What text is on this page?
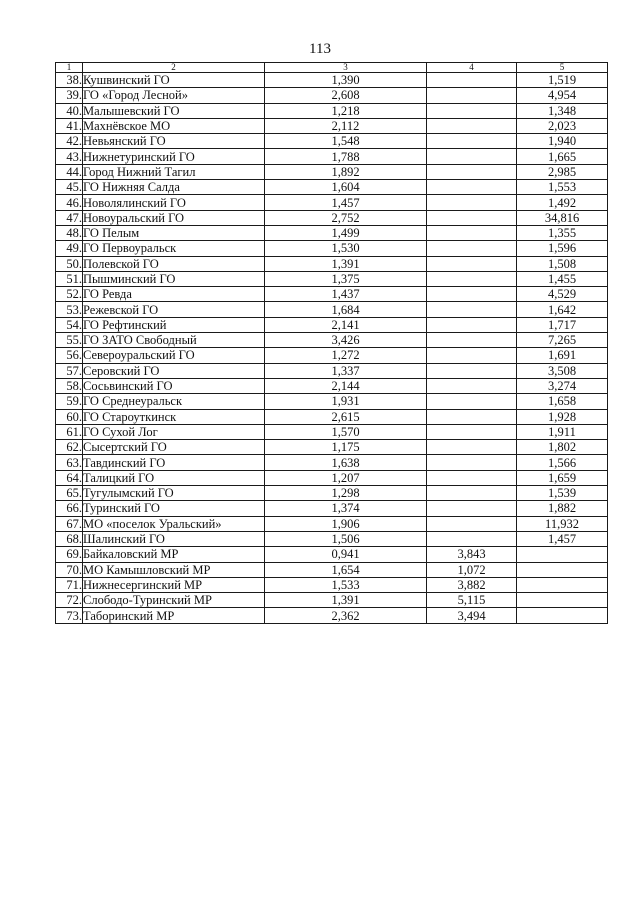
113
1	2	3	4	5
38.	Кушвинский ГО	1,390		1,519
39.	ГО «Город Лесной»	2,608		4,954
40.	Малышевский ГО	1,218		1,348
41.	Махнёвское МО	2,112		2,023
42.	Невьянский ГО	1,548		1,940
43.	Нижнетуринский ГО	1,788		1,665
44.	Город Нижний Тагил	1,892		2,985
45.	ГО Нижняя Салда	1,604		1,553
46.	Новолялинский ГО	1,457		1,492
47.	Новоуральский ГО	2,752		34,816
48.	ГО Пелым	1,499		1,355
49.	ГО Первоуральск	1,530		1,596
50.	Полевской ГО	1,391		1,508
51.	Пышминский ГО	1,375		1,455
52.	ГО Ревда	1,437		4,529
53.	Режевской ГО	1,684		1,642
54.	ГО Рефтинский	2,141		1,717
55.	ГО ЗАТО Свободный	3,426		7,265
56.	Североуральский ГО	1,272		1,691
57.	Серовский ГО	1,337		3,508
58.	Сосьвинский ГО	2,144		3,274
59.	ГО Среднеуральск	1,931		1,658
60.	ГО Староуткинск	2,615		1,928
61.	ГО Сухой Лог	1,570		1,911
62.	Сысертский ГО	1,175		1,802
63.	Тавдинский ГО	1,638		1,566
64.	Талицкий ГО	1,207		1,659
65.	Тугулымский ГО	1,298		1,539
66.	Туринский ГО	1,374		1,882
67.	МО «поселок Уральский»	1,906		11,932
68.	Шалинский ГО	1,506		1,457
69.	Байкаловский МР	0,941	3,843	
70.	МО Камышловский МР	1,654	1,072	
71.	Нижнесергинский МР	1,533	3,882	
72.	Слободо-Туринский МР	1,391	5,115	
73.	Таборинский МР	2,362	3,494	
